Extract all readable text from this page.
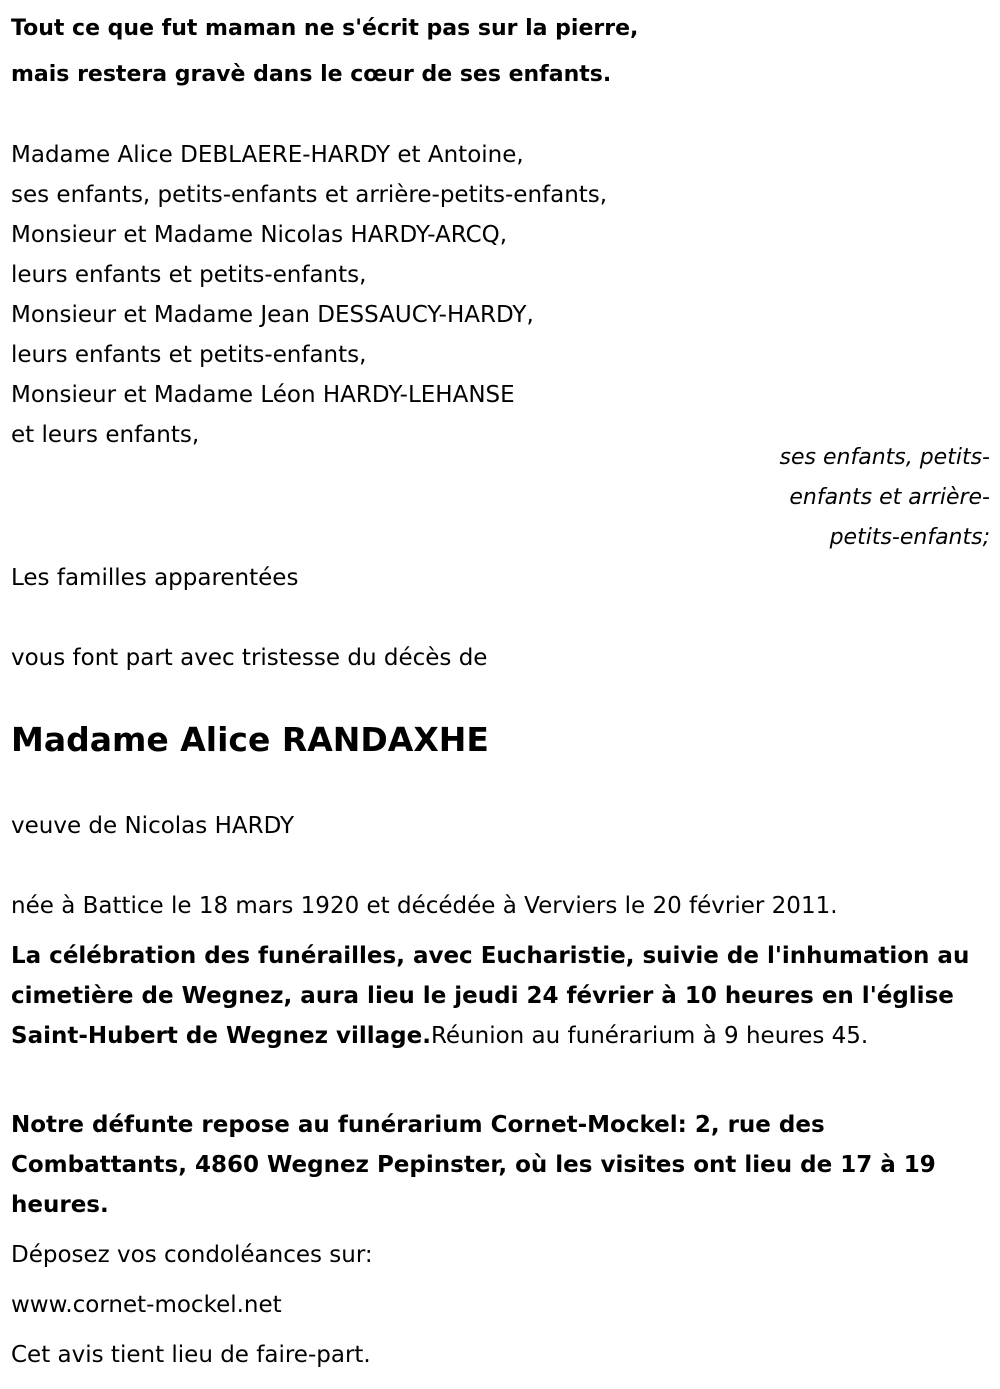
Tout ce que fut maman ne s'écrit pas sur la pierre,
mais restera gravè dans le cœur de ses enfants.
Madame Alice DEBLAERE-HARDY et Antoine,
ses enfants, petits-enfants et arrière-petits-enfants,
Monsieur et Madame Nicolas HARDY-ARCQ,
leurs enfants et petits-enfants,
Monsieur et Madame Jean DESSAUCY-HARDY,
leurs enfants et petits-enfants,
Monsieur et Madame Léon HARDY-LEHANSE
et leurs enfants,
ses enfants, petits-
enfants et arrière-
petits-enfants;

Les familles apparentées

vous font part avec tristesse du décès de

Madame Alice RANDAXHE

veuve de Nicolas HARDY

née à Battice le 18 mars 1920 et décédée à Verviers le 20 février 2011.

La célébration des funérailles, avec Eucharistie, suivie de l'inhumation au cimetière de Wegnez, aura lieu le jeudi 24 février à 10 heures en l'église Saint-Hubert de Wegnez village.Réunion au funérarium à 9 heures 45.

Notre défunte repose au funérarium Cornet-Mockel: 2, rue des Combattants, 4860 Wegnez Pepinster, où les visites ont lieu de 17 à 19 heures.

Déposez vos condoléances sur:

www.cornet-mockel.net

Cet avis tient lieu de faire-part.
